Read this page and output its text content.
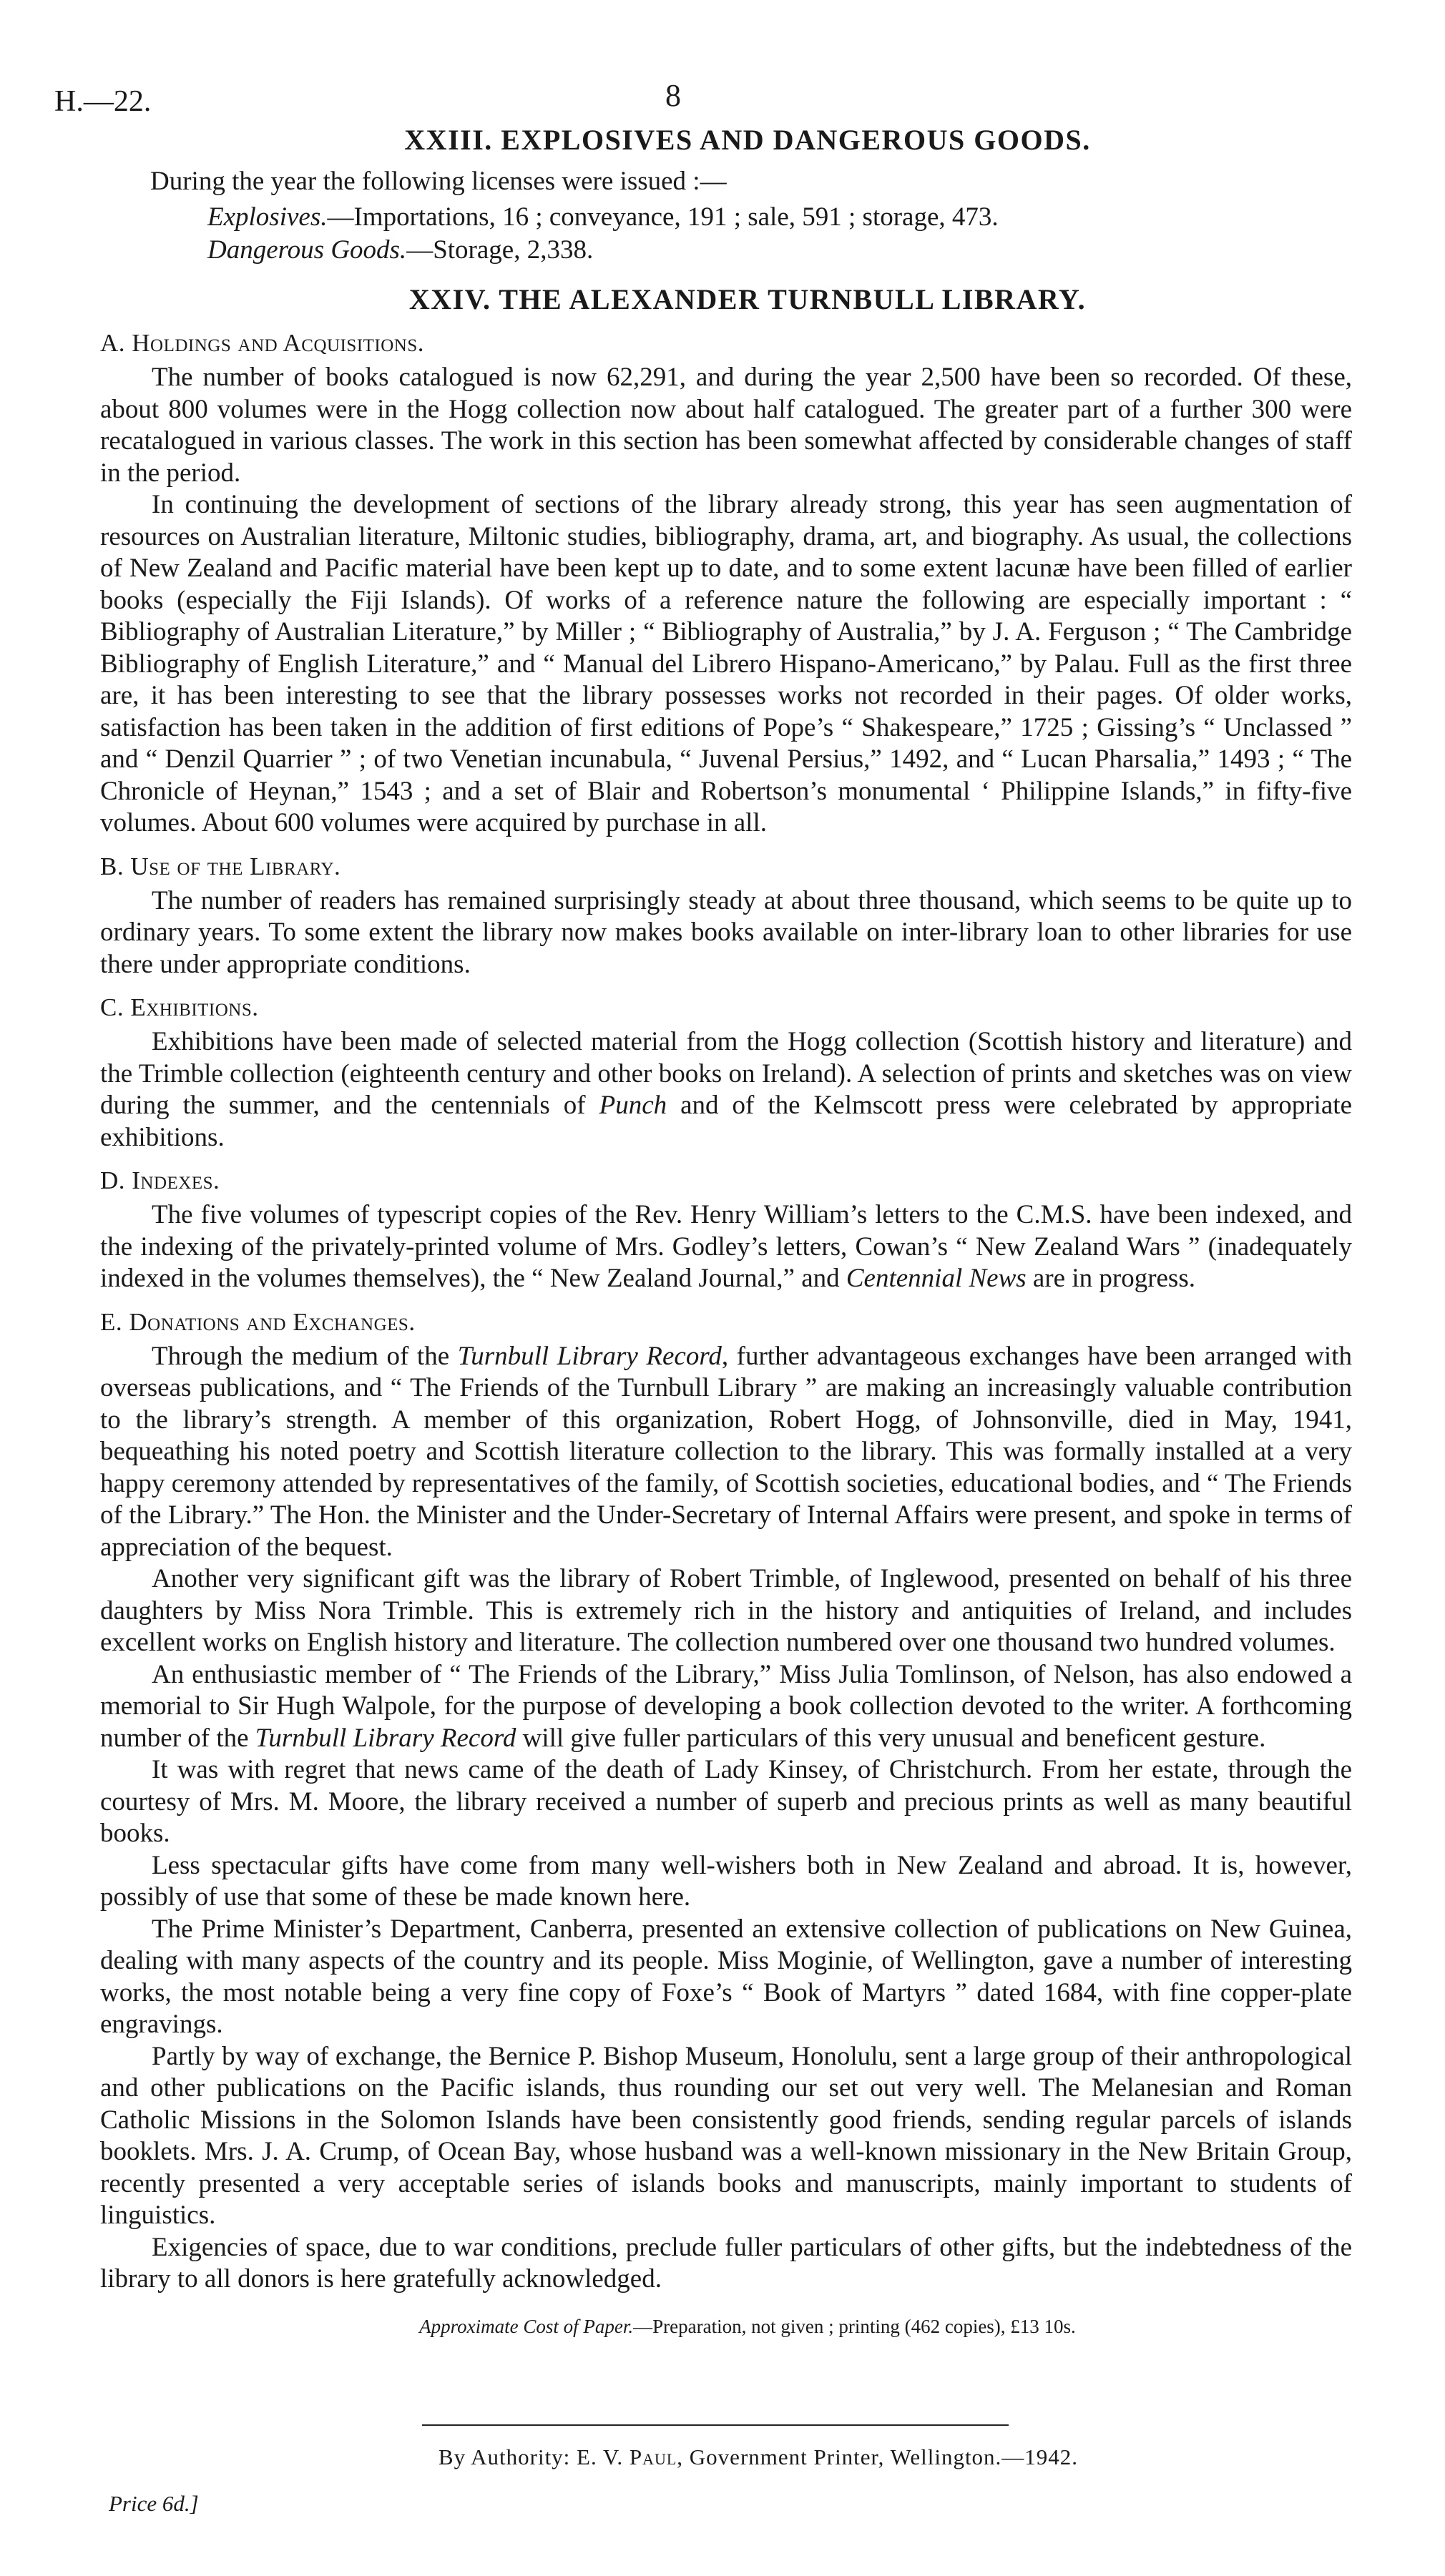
H.—22.	8
XXIII. EXPLOSIVES AND DANGEROUS GOODS.
During the year the following licenses were issued :—
Explosives.—Importations, 16 ; conveyance, 191 ; sale, 591 ; storage, 473.
Dangerous Goods.—Storage, 2,338.
XXIV. THE ALEXANDER TURNBULL LIBRARY.
A. Holdings and Acquisitions.

The number of books catalogued is now 62,291, and during the year 2,500 have been so recorded. Of these, about 800 volumes were in the Hogg collection now about half catalogued. The greater part of a further 300 were recatalogued in various classes. The work in this section has been somewhat affected by considerable changes of staff in the period.

In continuing the development of sections of the library already strong, this year has seen augmentation of resources on Australian literature, Miltonic studies, bibliography, drama, art, and biography. As usual, the collections of New Zealand and Pacific material have been kept up to date, and to some extent lacunæ have been filled of earlier books (especially the Fiji Islands). Of works of a reference nature the following are especially important : “ Bibliography of Australian Literature,” by Miller ; “ Bibliography of Australia,” by J. A. Ferguson ; “ The Cambridge Bibliography of English Literature,” and “ Manual del Librero Hispano-Americano,” by Palau. Full as the first three are, it has been interesting to see that the library possesses works not recorded in their pages. Of older works, satisfaction has been taken in the addition of first editions of Pope’s “ Shakespeare,” 1725 ; Gissing’s “ Unclassed ” and “ Denzil Quarrier ” ; of two Venetian incunabula, “ Juvenal Persius,” 1492, and “ Lucan Pharsalia,” 1493 ; “ The Chronicle of Heynan,” 1543 ; and a set of Blair and Robertson’s monumental ‘ Philippine Islands,” in fifty-five volumes. About 600 volumes were acquired by purchase in all.

B. Use of the Library.

The number of readers has remained surprisingly steady at about three thousand, which seems to be quite up to ordinary years. To some extent the library now makes books available on inter-library loan to other libraries for use there under appropriate conditions.

C. Exhibitions.

Exhibitions have been made of selected material from the Hogg collection (Scottish history and literature) and the Trimble collection (eighteenth century and other books on Ireland). A selection of prints and sketches was on view during the summer, and the centennials of Punch and of the Kelmscott press were celebrated by appropriate exhibitions.

D. Indexes.

The five volumes of typescript copies of the Rev. Henry William’s letters to the C.M.S. have been indexed, and the indexing of the privately-printed volume of Mrs. Godley’s letters, Cowan’s “ New Zealand Wars ” (inadequately indexed in the volumes themselves), the “ New Zealand Journal,” and Centennial News are in progress.

E. Donations and Exchanges.

Through the medium of the Turnbull Library Record, further advantageous exchanges have been arranged with overseas publications, and “ The Friends of the Turnbull Library ” are making an increasingly valuable contribution to the library’s strength. A member of this organization, Robert Hogg, of Johnsonville, died in May, 1941, bequeathing his noted poetry and Scottish literature collection to the library. This was formally installed at a very happy ceremony attended by representatives of the family, of Scottish societies, educational bodies, and “ The Friends of the Library.” The Hon. the Minister and the Under-Secretary of Internal Affairs were present, and spoke in terms of appreciation of the bequest.

Another very significant gift was the library of Robert Trimble, of Inglewood, presented on behalf of his three daughters by Miss Nora Trimble. This is extremely rich in the history and antiquities of Ireland, and includes excellent works on English history and literature. The collection numbered over one thousand two hundred volumes.

An enthusiastic member of “ The Friends of the Library,” Miss Julia Tomlinson, of Nelson, has also endowed a memorial to Sir Hugh Walpole, for the purpose of developing a book collection devoted to the writer. A forthcoming number of the Turnbull Library Record will give fuller particulars of this very unusual and beneficent gesture.

It was with regret that news came of the death of Lady Kinsey, of Christchurch. From her estate, through the courtesy of Mrs. M. Moore, the library received a number of superb and precious prints as well as many beautiful books.

Less spectacular gifts have come from many well-wishers both in New Zealand and abroad. It is, however, possibly of use that some of these be made known here.

The Prime Minister’s Department, Canberra, presented an extensive collection of publications on New Guinea, dealing with many aspects of the country and its people. Miss Moginie, of Wellington, gave a number of interesting works, the most notable being a very fine copy of Foxe’s “ Book of Martyrs ” dated 1684, with fine copper-plate engravings.

Partly by way of exchange, the Bernice P. Bishop Museum, Honolulu, sent a large group of their anthropological and other publications on the Pacific islands, thus rounding our set out very well. The Melanesian and Roman Catholic Missions in the Solomon Islands have been consistently good friends, sending regular parcels of islands booklets. Mrs. J. A. Crump, of Ocean Bay, whose husband was a well-known missionary in the New Britain Group, recently presented a very acceptable series of islands books and manuscripts, mainly important to students of linguistics.

Exigencies of space, due to war conditions, preclude fuller particulars of other gifts, but the indebtedness of the library to all donors is here gratefully acknowledged.

Approximate Cost of Paper.—Preparation, not given ; printing (462 copies), £13 10s.
By Authority: E. V. Paul, Government Printer, Wellington.—1942.
Price 6d.]
